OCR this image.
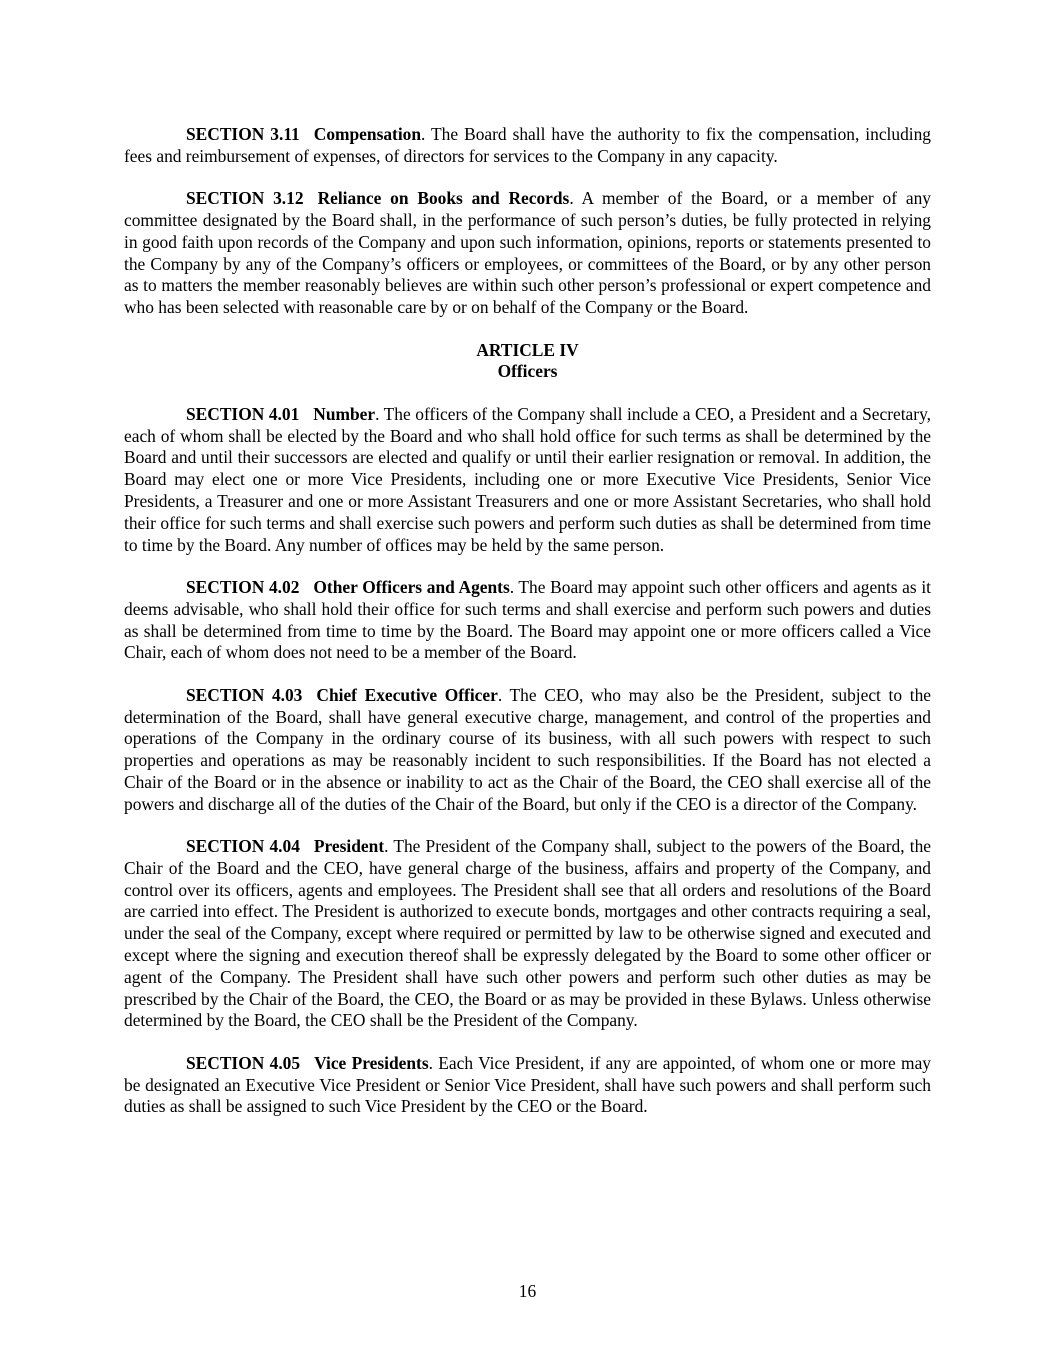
SECTION 3.11 Compensation. The Board shall have the authority to fix the compensation, including fees and reimbursement of expenses, of directors for services to the Company in any capacity.

SECTION 3.12 Reliance on Books and Records. A member of the Board, or a member of any committee designated by the Board shall, in the performance of such person’s duties, be fully protected in relying in good faith upon records of the Company and upon such information, opinions, reports or statements presented to the Company by any of the Company’s officers or employees, or committees of the Board, or by any other person as to matters the member reasonably believes are within such other person’s professional or expert competence and who has been selected with reasonable care by or on behalf of the Company or the Board.

ARTICLE IV
Officers

SECTION 4.01 Number. The officers of the Company shall include a CEO, a President and a Secretary, each of whom shall be elected by the Board and who shall hold office for such terms as shall be determined by the Board and until their successors are elected and qualify or until their earlier resignation or removal. In addition, the Board may elect one or more Vice Presidents, including one or more Executive Vice Presidents, Senior Vice Presidents, a Treasurer and one or more Assistant Treasurers and one or more Assistant Secretaries, who shall hold their office for such terms and shall exercise such powers and perform such duties as shall be determined from time to time by the Board. Any number of offices may be held by the same person.

SECTION 4.02 Other Officers and Agents. The Board may appoint such other officers and agents as it deems advisable, who shall hold their office for such terms and shall exercise and perform such powers and duties as shall be determined from time to time by the Board. The Board may appoint one or more officers called a Vice Chair, each of whom does not need to be a member of the Board.

SECTION 4.03 Chief Executive Officer. The CEO, who may also be the President, subject to the determination of the Board, shall have general executive charge, management, and control of the properties and operations of the Company in the ordinary course of its business, with all such powers with respect to such properties and operations as may be reasonably incident to such responsibilities. If the Board has not elected a Chair of the Board or in the absence or inability to act as the Chair of the Board, the CEO shall exercise all of the powers and discharge all of the duties of the Chair of the Board, but only if the CEO is a director of the Company.

SECTION 4.04 President. The President of the Company shall, subject to the powers of the Board, the Chair of the Board and the CEO, have general charge of the business, affairs and property of the Company, and control over its officers, agents and employees. The President shall see that all orders and resolutions of the Board are carried into effect. The President is authorized to execute bonds, mortgages and other contracts requiring a seal, under the seal of the Company, except where required or permitted by law to be otherwise signed and executed and except where the signing and execution thereof shall be expressly delegated by the Board to some other officer or agent of the Company. The President shall have such other powers and perform such other duties as may be prescribed by the Chair of the Board, the CEO, the Board or as may be provided in these Bylaws. Unless otherwise determined by the Board, the CEO shall be the President of the Company.

SECTION 4.05 Vice Presidents. Each Vice President, if any are appointed, of whom one or more may be designated an Executive Vice President or Senior Vice President, shall have such powers and shall perform such duties as shall be assigned to such Vice President by the CEO or the Board.

16
